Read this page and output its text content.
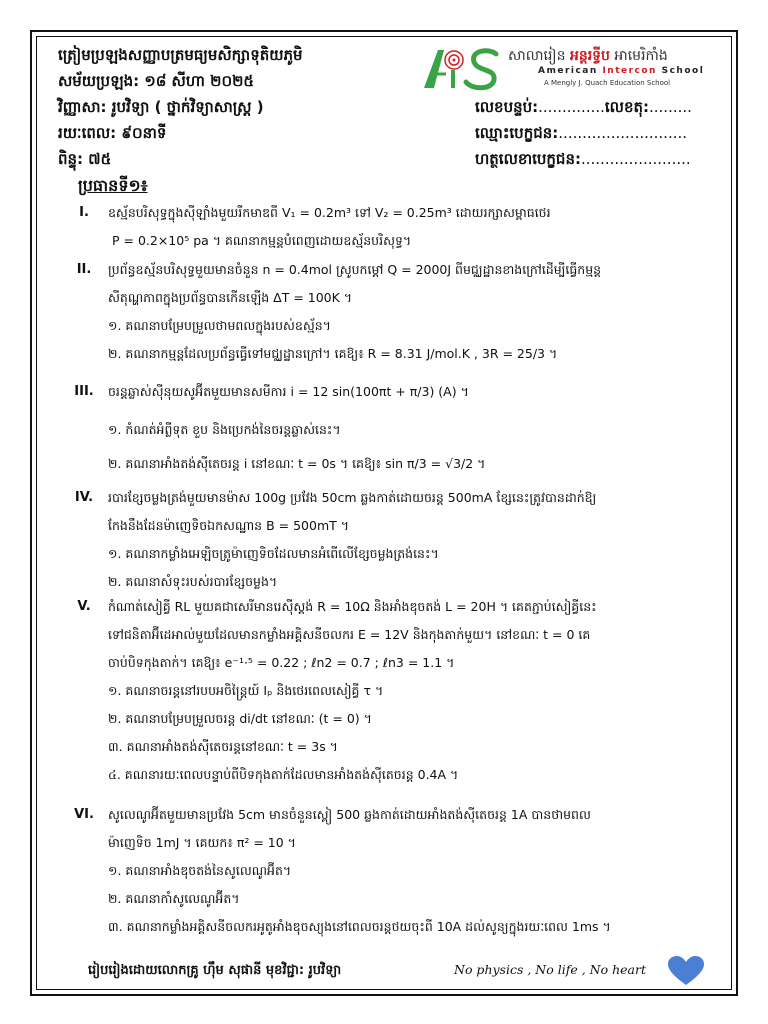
ត្រៀមប្រឡងសញ្ញាបត្រមធ្យមសិក្សាទុតិយភូមិ
សម័យប្រឡង: ១៨ សីហា ២០២៥
វិញ្ញាសា: រូបវិទ្យា ( ថ្នាក់វិទ្យាសាស្ត្រ )
រយៈពេល: ៩០នាទី
ពិន្ទុ: ៧៥
លេខបន្ទប់:..............លេខតុ:.........
ឈ្មោះបេក្ខជន:...........................
ហត្ថលេខាបេក្ខជន:.......................
សាលារៀន អន្តរទ្វីប អាមេរិកាំង
American Intercon School
A Mengly J. Quach Education School
ប្រធានទី១៖
I.	ឧស្ម័នបរិសុទ្ធក្នុងស៊ីឡាំងមួយរីកមាឌពី V₁ = 0.2m³ ទៅ V₂ = 0.25m³ ដោយរក្សាសម្ពាធថេរ
P = 0.2×10⁵ pa ។ គណនាកម្មន្តបំពេញដោយឧស្ម័នបរិសុទ្ធ។
II.	ប្រព័ន្ធឧស្ម័នបរិសុទ្ធមួយមានចំនួន n = 0.4mol ស្រូបកម្ដៅ Q = 2000J ពីមជ្ឈដ្ឋានខាងក្រៅដើម្បីធ្វើកម្មន្ត
សីតុណ្ហភាពក្នុងប្រព័ន្ធបានកើនឡើង ΔT = 100K ។
១. គណនាបម្រែបម្រួលថាមពលក្នុងរបស់ឧស្ម័ន។
២. គណនាកម្មន្តដែលប្រព័ន្ធធ្វើទៅមជ្ឈដ្ឋានក្រៅ។ គេឱ្យ៖ R = 8.31 J/mol.K , 3R = 25/3 ។
III.	ចរន្តឆ្លាស់ស៊ីនុយសូអ៊ីតមួយមានសមីការ i = 12 sin(100πt + π/3) (A) ។
១. កំណត់អំព្លីទុត ខួប និងប្រេកង់នៃចរន្តឆ្លាស់នេះ។
២. គណនាអាំងតង់ស៊ីតេចរន្ត i នៅខណៈ t = 0s ។ គេឱ្យ៖ sin π/3 = √3/2 ។
IV.	របារខ្សែចម្លងត្រង់មួយមានម៉ាស 100g ប្រវែង 50cm ឆ្លងកាត់ដោយចរន្ត 500mA ខ្សែនេះត្រូវបានដាក់ឱ្យ
កែងនឹងដែនម៉ាញេទិចឯកសណ្ឋាន B = 500mT ។
១. គណនាកម្លាំងអេឡិចត្រូម៉ាញេទិចដែលមានអំពើលើខ្សែចម្លងត្រង់នេះ។
២. គណនាសំទុះរបស់របារខ្សែចម្លង។
V.	កំណាត់សៀគ្វី RL មួយគជាសេរីមានរេស៊ីស្តង់ R = 10Ω និងអាំងឌុចតង់ L = 20H ។ គេតភ្ជាប់សៀគ្វីនេះ
ទៅជនិតាអ៊ីដេអាល់មួយដែលមានកម្លាំងអគ្គិសនីចលករ E = 12V និងកុងតាក់មួយ។ នៅខណៈ t = 0 គេ
ចាប់បិទកុងតាក់។ គេឱ្យ៖ e⁻¹·⁵ = 0.22 ; ℓn2 = 0.7 ; ℓn3 = 1.1 ។
១. គណនាចរន្តនៅរបបអចិន្ត្រៃយ៍ Iₚ និងថេរពេលសៀគ្វី τ ។
២. គណនាបម្រែបម្រួលចរន្ត di/dt នៅខណៈ (t = 0) ។
៣. គណនាអាំងតង់ស៊ីតេចរន្តនៅខណៈ t = 3s ។
៤. គណនារយៈពេលបន្ទាប់ពីបិទកុងតាក់ដែលមានអាំងតង់ស៊ីតេចរន្ត 0.4A ។
VI.	សូលេណូអ៊ីតមួយមានប្រវែង 5cm មានចំនួនស្ពៀ 500 ឆ្លងកាត់ដោយអាំងតង់ស៊ីតេចរន្ត 1A បានថាមពល
ម៉ាញេទិច 1mJ ។ គេយក៖ π² = 10 ។
១. គណនាអាំងឌុចតង់នៃសូលេណូអ៊ីត។
២. គណនាកាំសូលេណូអ៊ីត។
៣. គណនាកម្លាំងអគ្គិសនីចលករអូតូអាំងឌុចស្យុងនៅពេលចរន្តថយចុះពី 10A ដល់សូន្យក្នុងរយៈពេល 1ms ។
រៀបរៀងដោយលោកគ្រូ ហ៊ឹម សុផានី មុខវិជ្ជា: រូបវិទ្យា	No physics , No life , No heart
